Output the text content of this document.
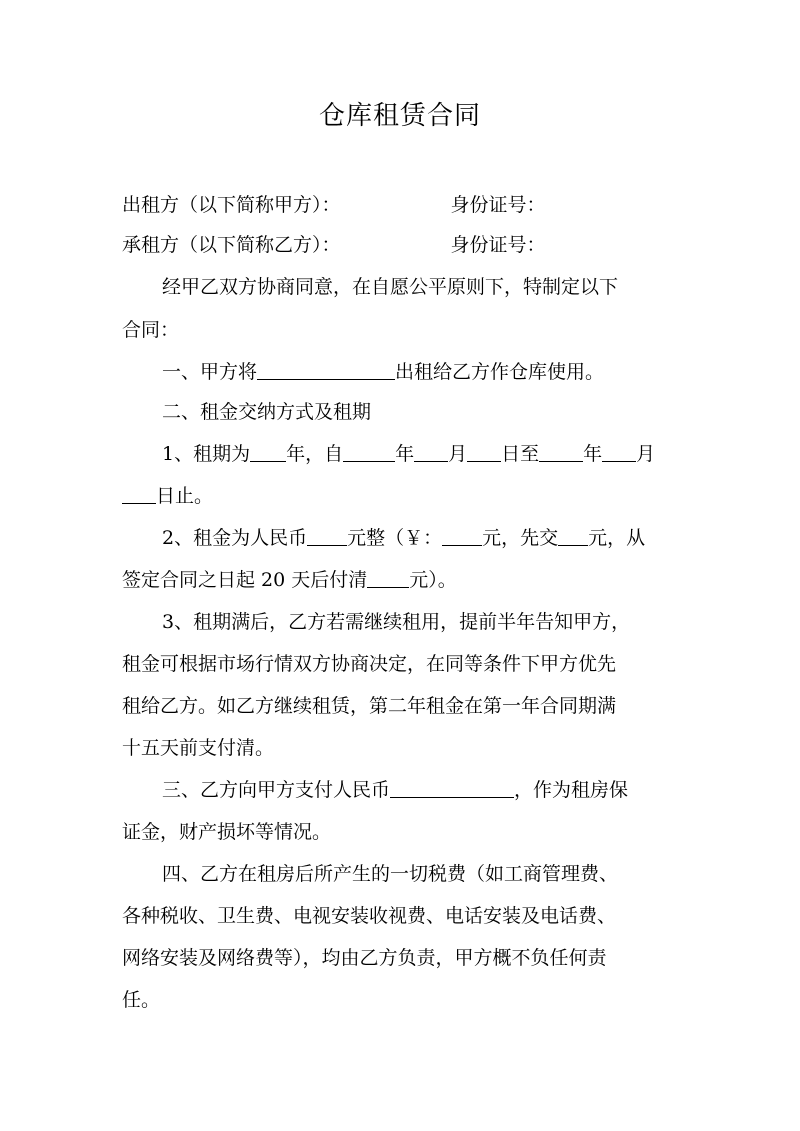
仓库租赁合同
出租方（以下简称甲方）：	身份证号：
承租方（以下简称乙方）：	身份证号：
经甲乙双方协商同意，在自愿公平原则下，特制定以下
合同：
一、甲方将	出租给乙方作仓库使用。
二、租金交纳方式及租期
1、租期为 年，自	年 月 日至 年 月
日止。
2、租金为人民币 元整（￥： 元，先交 元，从
签定合同之日起 20 天后付清 元）。
3、租期满后，乙方若需继续租用，提前半年告知甲方，
租金可根据市场行情双方协商决定，在同等条件下甲方优先
租给乙方。如乙方继续租赁，第二年租金在第一年合同期满
十五天前支付清。
三、乙方向甲方支付人民币	，作为租房保
证金，财产损坏等情况。
四、乙方在租房后所产生的一切税费（如工商管理费、
各种税收、卫生费、电视安装收视费、电话安装及电话费、
网络安装及网络费等），均由乙方负责，甲方概不负任何责
任。
